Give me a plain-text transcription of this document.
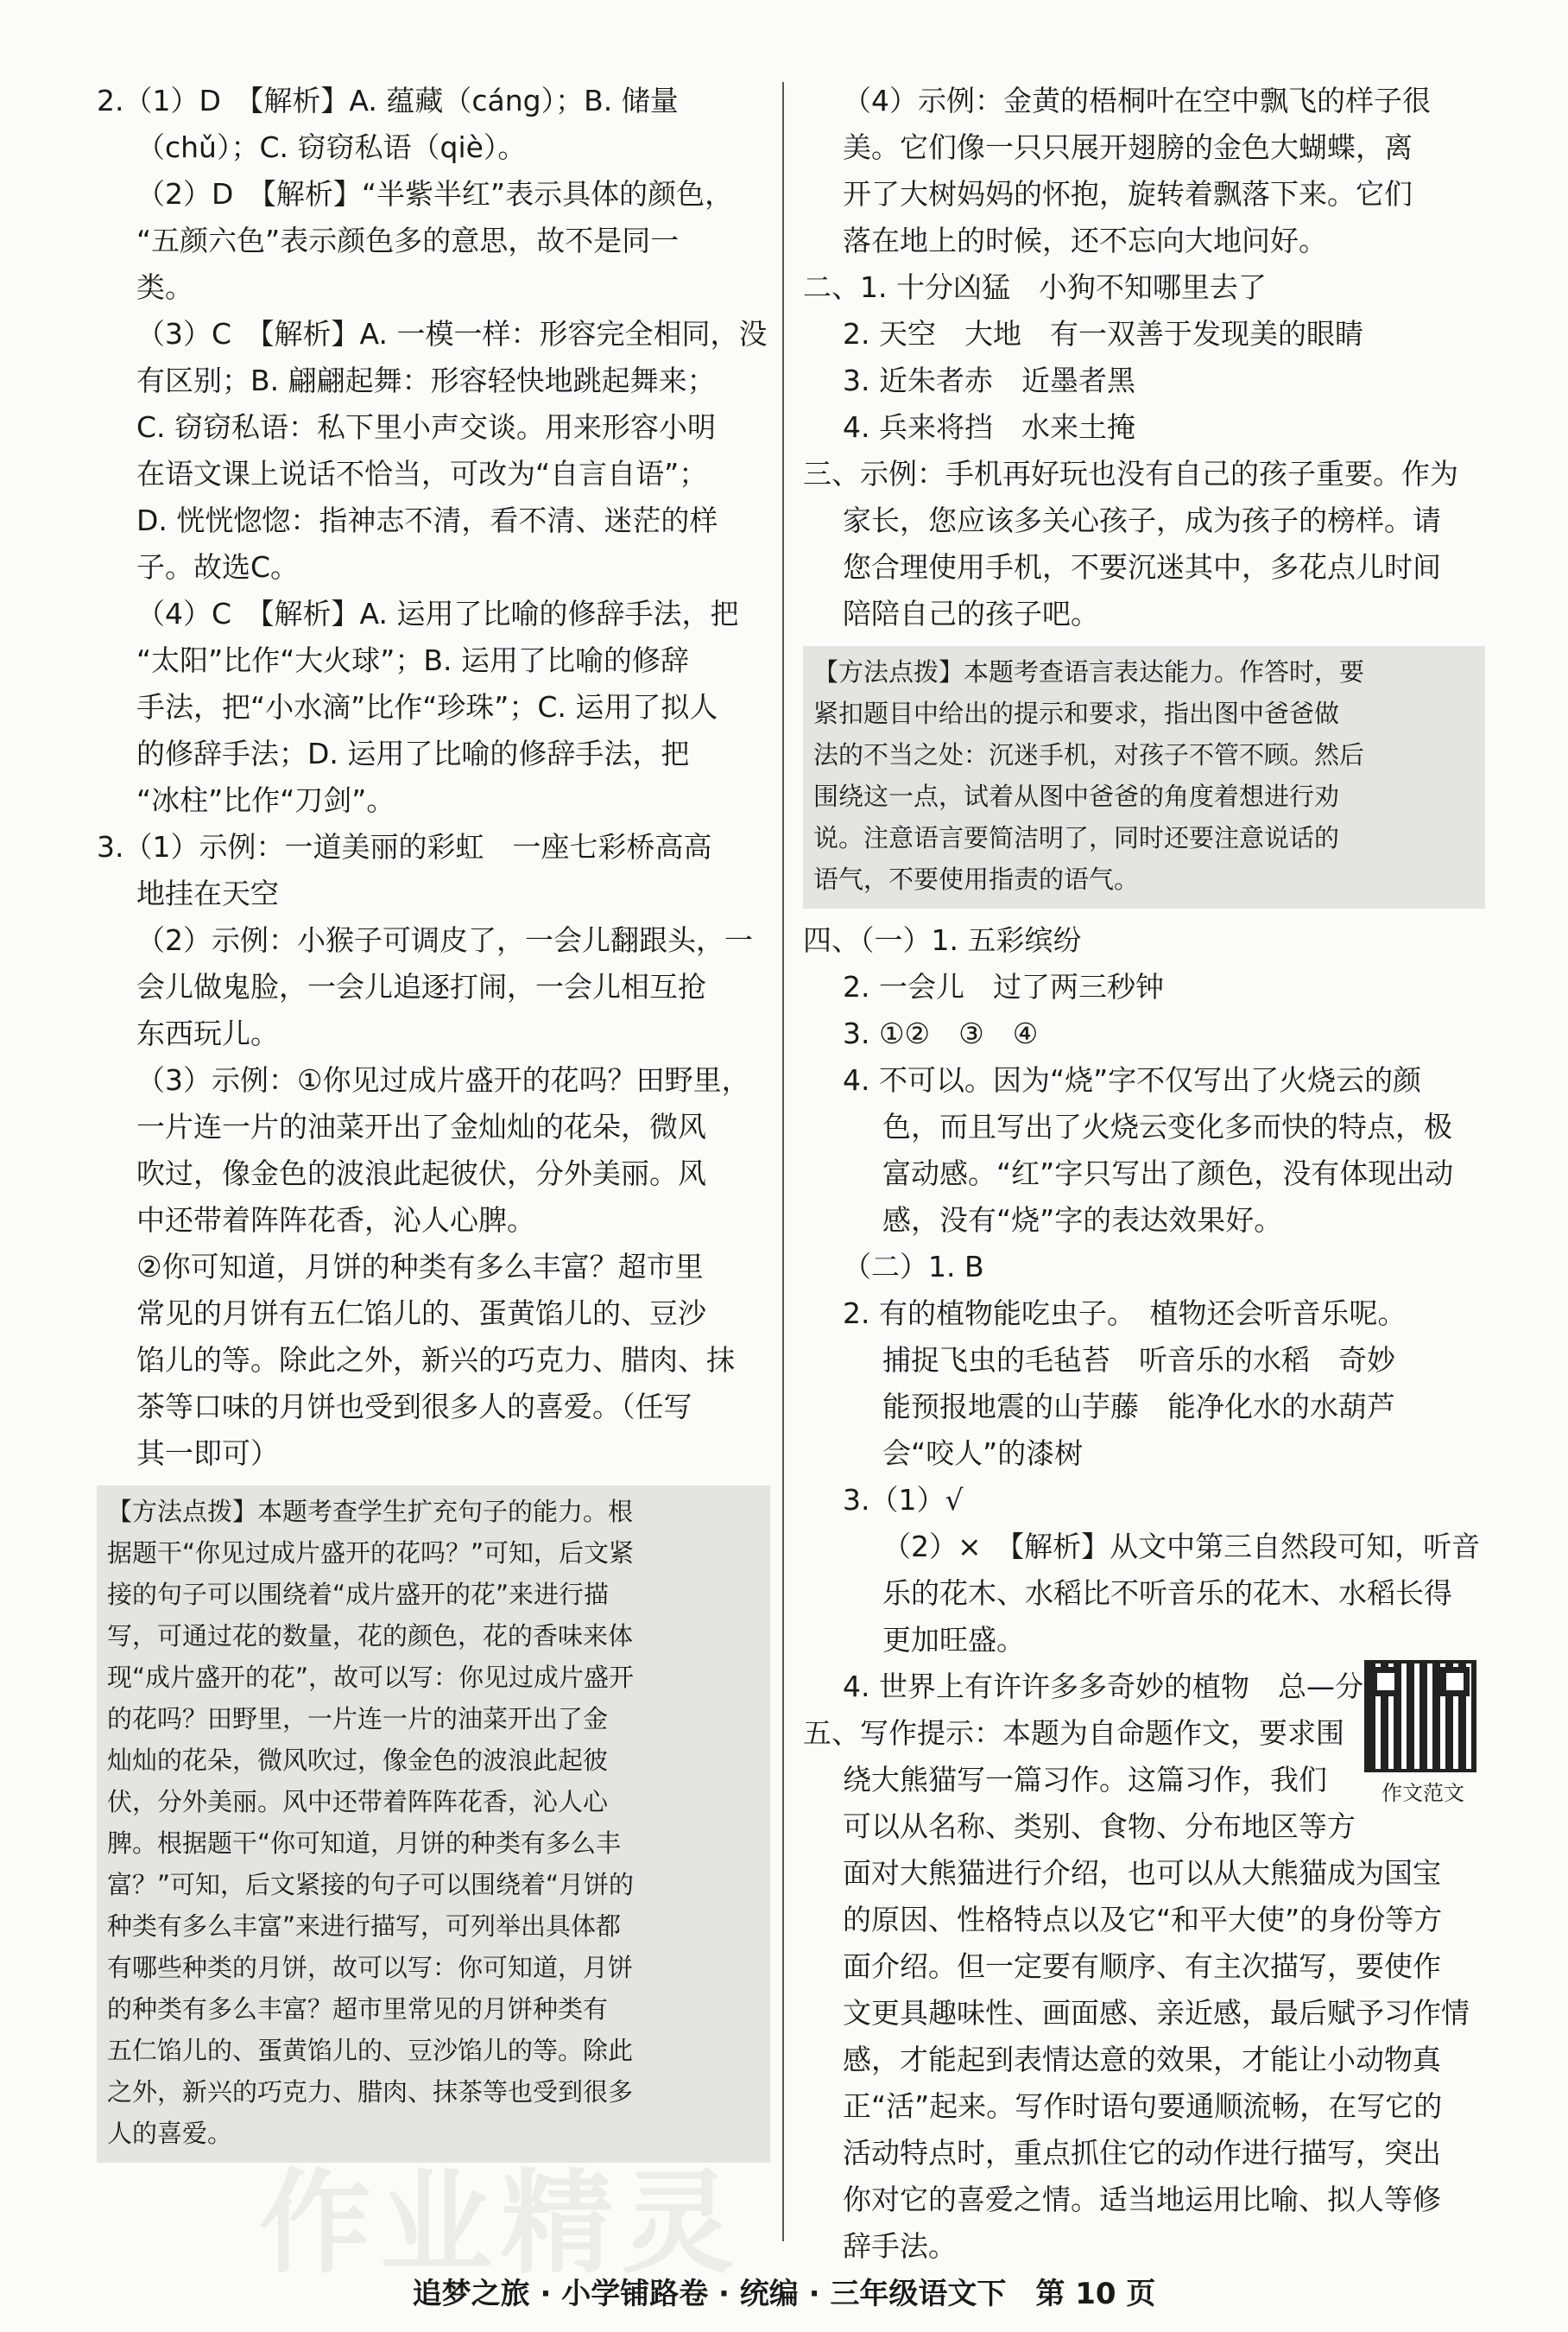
2.（1）D　【解析】A. 蕴藏（cáng）；B. 储量

（chǔ）；C. 窃窃私语（qiè）。

（2）D　【解析】“半紫半红”表示具体的颜色，

“五颜六色”表示颜色多的意思，故不是同一

类。

（3）C　【解析】A. 一模一样：形容完全相同，没

有区别；B. 翩翩起舞：形容轻快地跳起舞来；

C. 窃窃私语：私下里小声交谈。用来形容小明

在语文课上说话不恰当，可改为“自言自语”；

D. 恍恍惚惚：指神志不清，看不清、迷茫的样

子。故选C。

（4）C　【解析】A. 运用了比喻的修辞手法，把

“太阳”比作“大火球”；B. 运用了比喻的修辞

手法，把“小水滴”比作“珍珠”；C. 运用了拟人

的修辞手法；D. 运用了比喻的修辞手法，把

“冰柱”比作“刀剑”。

3.（1）示例：一道美丽的彩虹　一座七彩桥高高

地挂在天空

（2）示例：小猴子可调皮了，一会儿翻跟头，一

会儿做鬼脸，一会儿追逐打闹，一会儿相互抢

东西玩儿。

（3）示例：①你见过成片盛开的花吗？田野里，

一片连一片的油菜开出了金灿灿的花朵，微风

吹过，像金色的波浪此起彼伏，分外美丽。风

中还带着阵阵花香，沁人心脾。

②你可知道，月饼的种类有多么丰富？超市里

常见的月饼有五仁馅儿的、蛋黄馅儿的、豆沙

馅儿的等。除此之外，新兴的巧克力、腊肉、抹

茶等口味的月饼也受到很多人的喜爱。（任写

其一即可）

【方法点拨】本题考查学生扩充句子的能力。根

据题干“你见过成片盛开的花吗？”可知，后文紧

接的句子可以围绕着“成片盛开的花”来进行描

写，可通过花的数量，花的颜色，花的香味来体

现“成片盛开的花”，故可以写：你见过成片盛开

的花吗？田野里，一片连一片的油菜开出了金

灿灿的花朵，微风吹过，像金色的波浪此起彼

伏，分外美丽。风中还带着阵阵花香，沁人心

脾。根据题干“你可知道，月饼的种类有多么丰

富？”可知，后文紧接的句子可以围绕着“月饼的

种类有多么丰富”来进行描写，可列举出具体都

有哪些种类的月饼，故可以写：你可知道，月饼

的种类有多么丰富？超市里常见的月饼种类有

五仁馅儿的、蛋黄馅儿的、豆沙馅儿的等。除此

之外，新兴的巧克力、腊肉、抹茶等也受到很多

人的喜爱。

（4）示例：金黄的梧桐叶在空中飘飞的样子很

美。它们像一只只展开翅膀的金色大蝴蝶，离

开了大树妈妈的怀抱，旋转着飘落下来。它们

落在地上的时候，还不忘向大地问好。

二、1. 十分凶猛　小狗不知哪里去了

2. 天空　大地　有一双善于发现美的眼睛

3. 近朱者赤　近墨者黑

4. 兵来将挡　水来土掩

三、示例：手机再好玩也没有自己的孩子重要。作为

家长，您应该多关心孩子，成为孩子的榜样。请

您合理使用手机，不要沉迷其中，多花点儿时间

陪陪自己的孩子吧。

【方法点拨】本题考查语言表达能力。作答时，要

紧扣题目中给出的提示和要求，指出图中爸爸做

法的不当之处：沉迷手机，对孩子不管不顾。然后

围绕这一点，试着从图中爸爸的角度着想进行劝

说。注意语言要简洁明了，同时还要注意说话的

语气，不要使用指责的语气。

四、（一）1. 五彩缤纷

2. 一会儿　过了两三秒钟

3. ①②　③　④

4. 不可以。因为“烧”字不仅写出了火烧云的颜

色，而且写出了火烧云变化多而快的特点，极

富动感。“红”字只写出了颜色，没有体现出动

感，没有“烧”字的表达效果好。

（二）1. B

2. 有的植物能吃虫子。　植物还会听音乐呢。

捕捉飞虫的毛毡苔　听音乐的水稻　奇妙

能预报地震的山芋藤　能净化水的水葫芦

会“咬人”的漆树

3.（1）√

（2）×　【解析】从文中第三自然段可知，听音

乐的花木、水稻比不听音乐的花木、水稻长得

更加旺盛。

4. 世界上有许许多多奇妙的植物　总—分

五、写作提示：本题为自命题作文，要求围

绕大熊猫写一篇习作。这篇习作，我们

可以从名称、类别、食物、分布地区等方

面对大熊猫进行介绍，也可以从大熊猫成为国宝

的原因、性格特点以及它“和平大使”的身份等方

面介绍。但一定要有顺序、有主次描写，要使作

文更具趣味性、画面感、亲近感，最后赋予习作情

感，才能起到表情达意的效果，才能让小动物真

正“活”起来。写作时语句要通顺流畅，在写它的

活动特点时，重点抓住它的动作进行描写，突出

你对它的喜爱之情。适当地运用比喻、拟人等修

辞手法。

作文范文
作业精灵
追梦之旅 · 小学铺路卷 · 统编 · 三年级语文下　第 10 页
